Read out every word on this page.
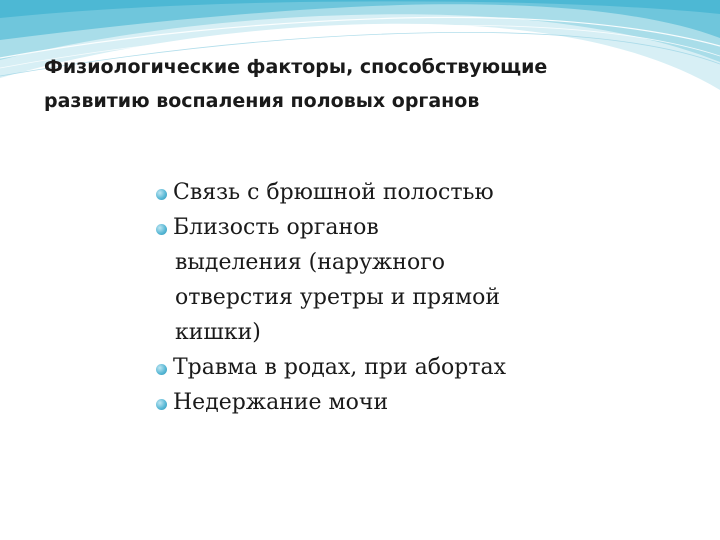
Физиологические факторы, способствующие
развитию воспаления половых органов
Связь с брюшной полостью
Близость органов
выделения (наружного
отверстия уретры и прямой
кишки)
Травма в родах, при абортах
Недержание мочи
